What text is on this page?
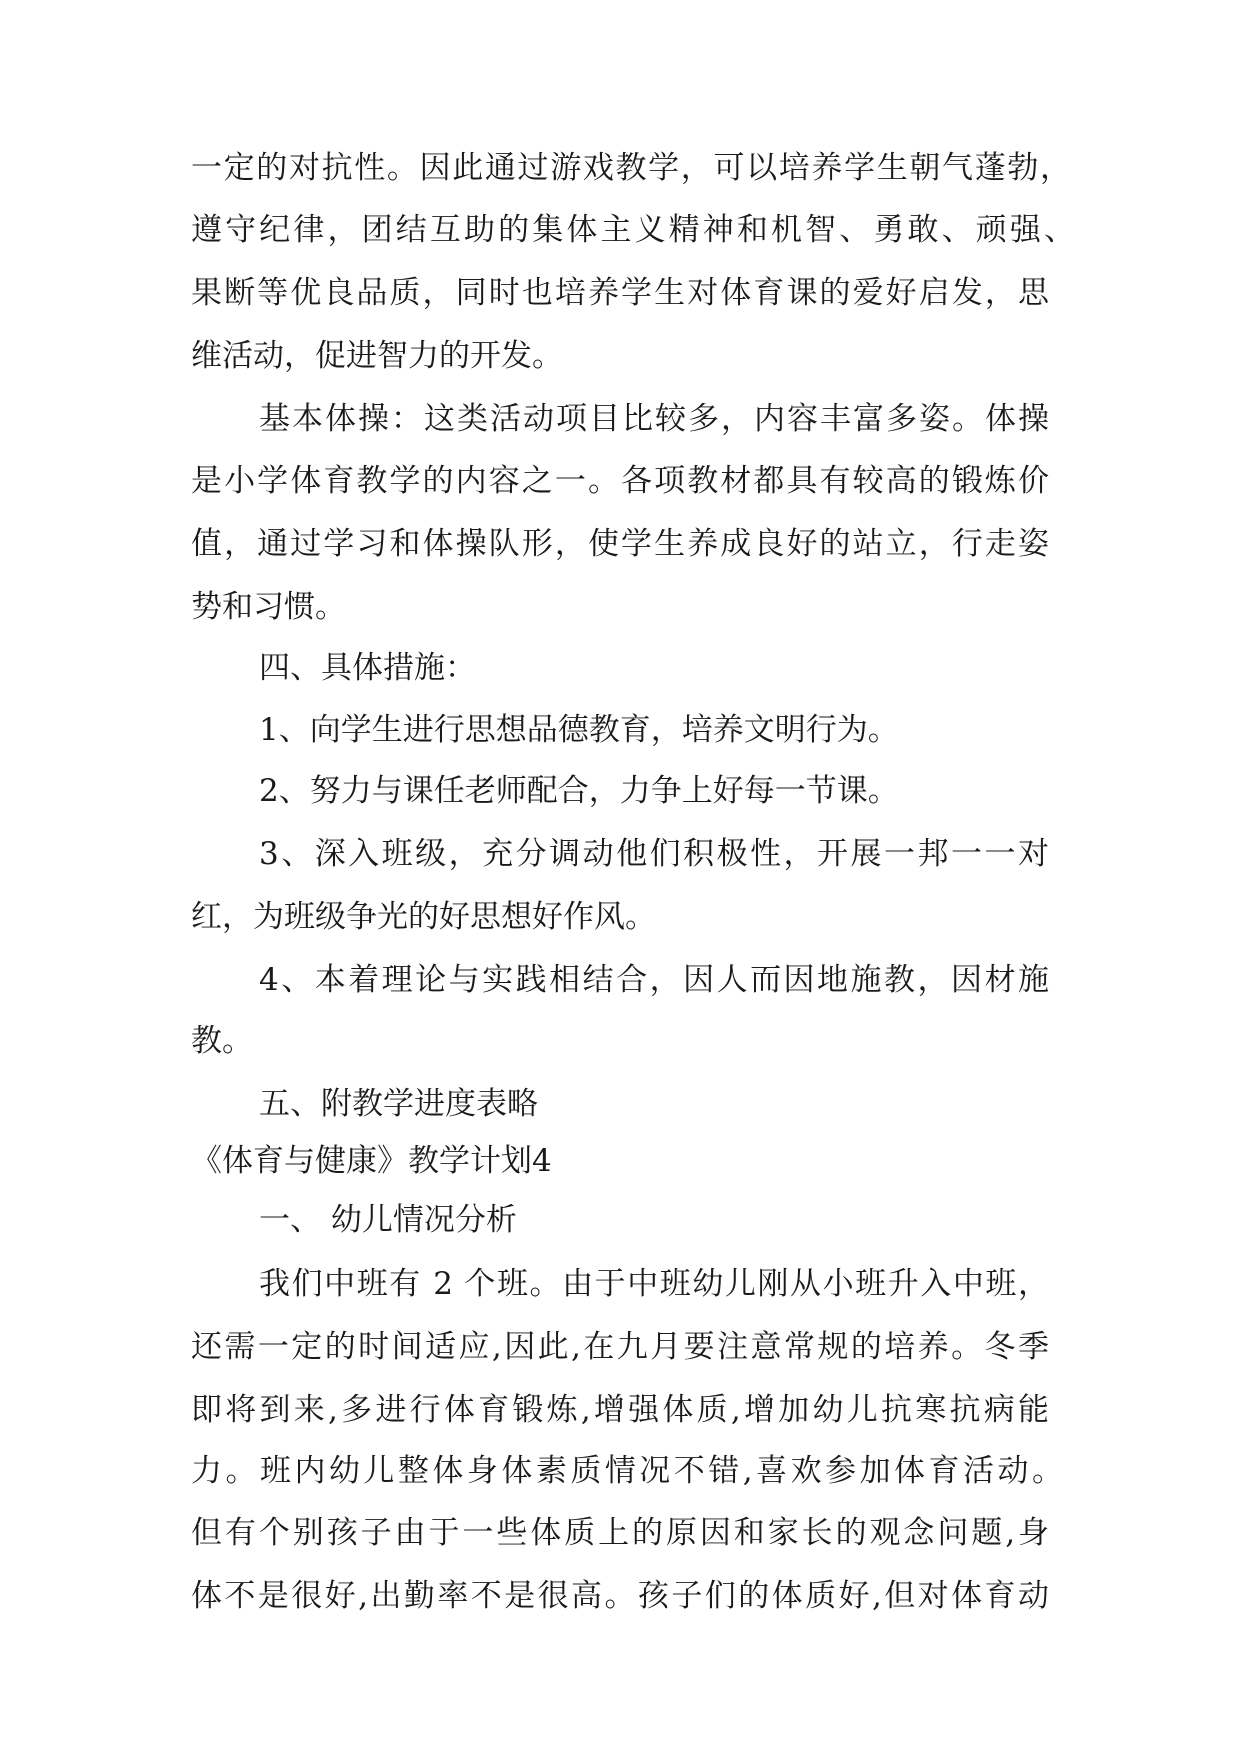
一定的对抗性。因此通过游戏教学，可以培养学生朝气蓬勃，

遵守纪律，团结互助的集体主义精神和机智、勇敢、顽强、

果断等优良品质，同时也培养学生对体育课的爱好启发，思

维活动，促进智力的开发。

基本体操：这类活动项目比较多，内容丰富多姿。体操

是小学体育教学的内容之一。各项教材都具有较高的锻炼价

值，通过学习和体操队形，使学生养成良好的站立，行走姿

势和习惯。

四、具体措施：

1、向学生进行思想品德教育，培养文明行为。

2、努力与课任老师配合，力争上好每一节课。

3、深入班级，充分调动他们积极性，开展一邦一一对

红，为班级争光的好思想好作风。

4、本着理论与实践相结合，因人而因地施教，因材施

教。

五、附教学进度表略

《体育与健康》教学计划4

一、 幼儿情况分析

我们中班有 2 个班。由于中班幼儿刚从小班升入中班，

还需一定的时间适应,因此,在九月要注意常规的培养。冬季

即将到来,多进行体育锻炼,增强体质,增加幼儿抗寒抗病能

力。班内幼儿整体身体素质情况不错,喜欢参加体育活动。

但有个别孩子由于一些体质上的原因和家长的观念问题,身

体不是很好,出勤率不是很高。孩子们的体质好,但对体育动
